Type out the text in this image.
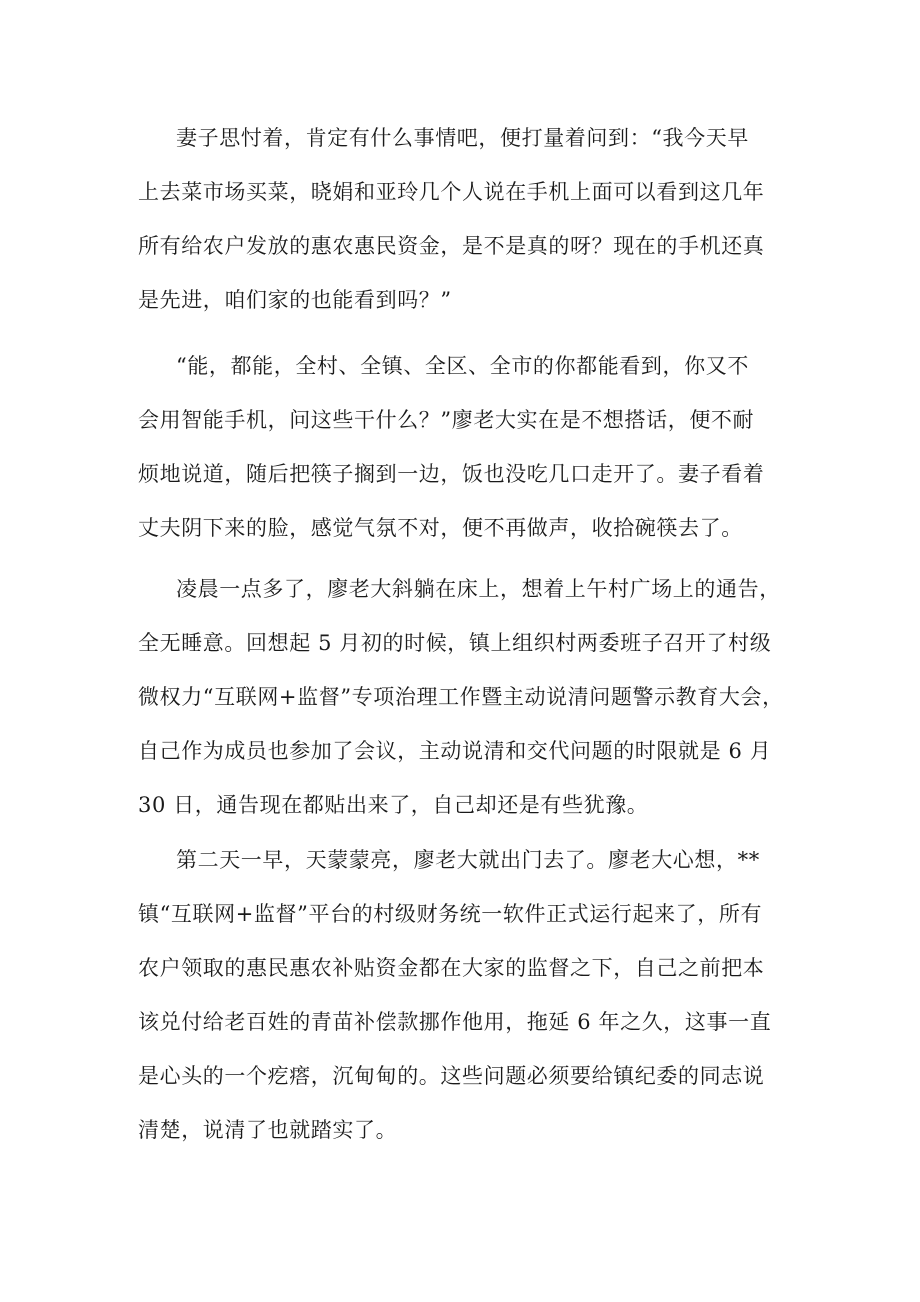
妻子思忖着，肯定有什么事情吧，便打量着问到：“我今天早
上去菜市场买菜，晓娟和亚玲几个人说在手机上面可以看到这几年
所有给农户发放的惠农惠民资金，是不是真的呀？现在的手机还真
是先进，咱们家的也能看到吗？”
“能，都能，全村、全镇、全区、全市的你都能看到，你又不
会用智能手机，问这些干什么？”廖老大实在是不想搭话，便不耐
烦地说道，随后把筷子搁到一边，饭也没吃几口走开了。妻子看着
丈夫阴下来的脸，感觉气氛不对，便不再做声，收拾碗筷去了。
凌晨一点多了，廖老大斜躺在床上，想着上午村广场上的通告，
全无睡意。回想起 5 月初的时候，镇上组织村两委班子召开了村级
微权力“互联网+监督”专项治理工作暨主动说清问题警示教育大会，
自己作为成员也参加了会议，主动说清和交代问题的时限就是 6 月
30 日，通告现在都贴出来了，自己却还是有些犹豫。
第二天一早，天蒙蒙亮，廖老大就出门去了。廖老大心想，**
镇“互联网+监督”平台的村级财务统一软件正式运行起来了，所有
农户领取的惠民惠农补贴资金都在大家的监督之下，自己之前把本
该兑付给老百姓的青苗补偿款挪作他用，拖延 6 年之久，这事一直
是心头的一个疙瘩，沉甸甸的。这些问题必须要给镇纪委的同志说
清楚，说清了也就踏实了。
